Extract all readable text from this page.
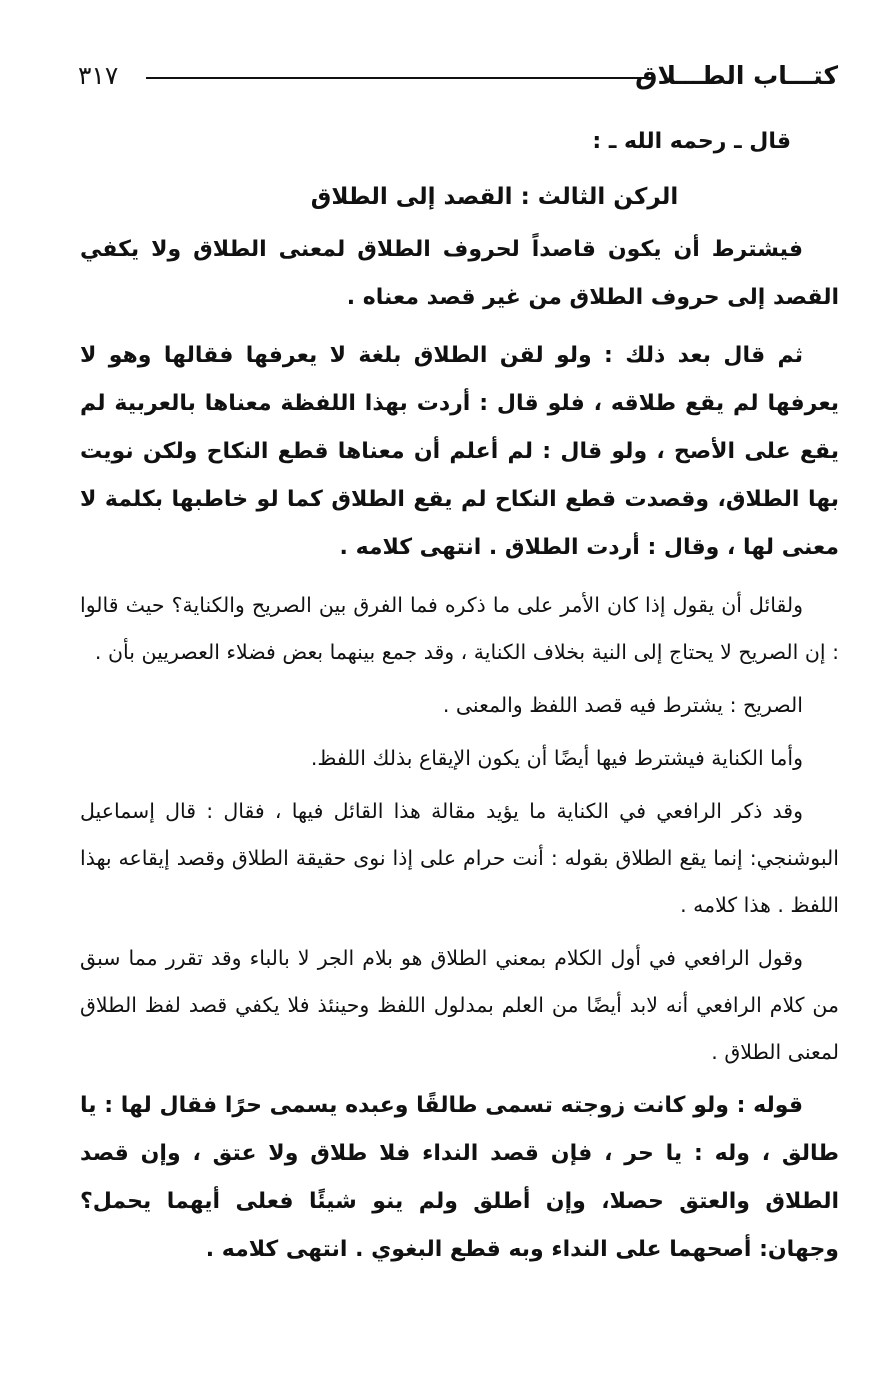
٣١٧	كتـــاب الطـــلاق

قال ـ رحمه الله ـ :

الركن الثالث : القصد إلى الطلاق

فيشترط أن يكون قاصداً لحروف الطلاق لمعنى الطلاق ولا يكفي القصد إلى حروف الطلاق من غير قصد معناه .

ثم قال بعد ذلك : ولو لقن الطلاق بلغة لا يعرفها فقالها وهو لا يعرفها لم يقع طلاقه ، فلو قال : أردت بهذا اللفظة معناها بالعربية لم يقع على الأصح ، ولو قال : لم أعلم أن معناها قطع النكاح ولكن نويت بها الطلاق، وقصدت قطع النكاح لم يقع الطلاق كما لو خاطبها بكلمة لا معنى لها ، وقال : أردت الطلاق . انتهى كلامه .

ولقائل أن يقول إذا كان الأمر على ما ذكره فما الفرق بين الصريح والكناية؟ حيث قالوا : إن الصريح لا يحتاج إلى النية بخلاف الكناية ، وقد جمع بينهما بعض فضلاء العصريين بأن .

الصريح : يشترط فيه قصد اللفظ والمعنى .

وأما الكناية فيشترط فيها أيضًا أن يكون الإيقاع بذلك اللفظ.

وقد ذكر الرافعي في الكناية ما يؤيد مقالة هذا القائل فيها ، فقال : قال إسماعيل البوشنجي: إنما يقع الطلاق بقوله : أنت حرام على إذا نوى حقيقة الطلاق وقصد إيقاعه بهذا اللفظ . هذا كلامه .

وقول الرافعي في أول الكلام بمعني الطلاق هو بلام الجر لا بالباء وقد تقرر مما سبق من كلام الرافعي أنه لابد أيضًا من العلم بمدلول اللفظ وحينئذ فلا يكفي قصد لفظ الطلاق لمعنى الطلاق .

قوله : ولو كانت زوجته تسمى طالقًا وعبده يسمى حرًا فقال لها : يا طالق ، وله : يا حر ، فإن قصد النداء فلا طلاق ولا عتق ، وإن قصد الطلاق والعتق حصلا، وإن أطلق ولم ينو شيئًا فعلى أيهما يحمل؟ وجهان: أصحهما على النداء وبه قطع البغوي . انتهى كلامه .
